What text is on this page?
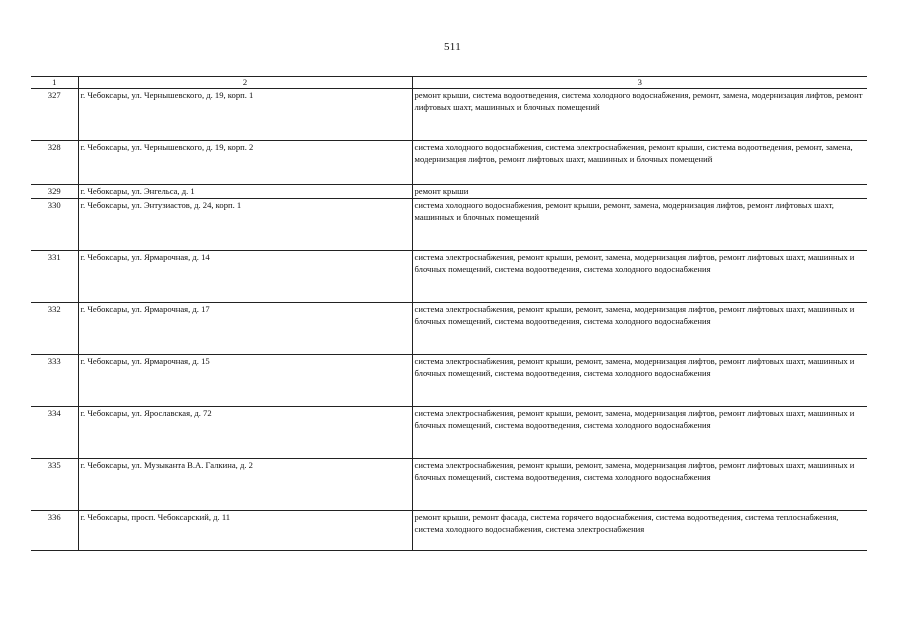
511
1	2	3
327	г. Чебоксары, ул. Чернышевского, д. 19, корп. 1	ремонт крыши, система водоотведения, система холодного водоснабжения, ремонт, замена, модернизация лифтов, ремонт лифтовых шахт, машинных и блочных помещений
328	г. Чебоксары, ул. Чернышевского, д. 19, корп. 2	система холодного водоснабжения, система электроснабжения, ремонт крыши, система водоотведения, ремонт, замена, модернизация лифтов, ремонт лифтовых шахт, машинных и блочных помещений
329	г. Чебоксары, ул. Энгельса, д. 1	ремонт крыши
330	г. Чебоксары, ул. Энтузиастов, д. 24, корп. 1	система холодного водоснабжения, ремонт крыши, ремонт, замена, модернизация лифтов, ремонт лифтовых шахт, машинных и блочных помещений
331	г. Чебоксары, ул. Ярмарочная, д. 14	система электроснабжения, ремонт крыши, ремонт, замена, модернизация лифтов, ремонт лифтовых шахт, машинных и блочных помещений, система водоотведения, система холодного водоснабжения
332	г. Чебоксары, ул. Ярмарочная, д. 17	система электроснабжения, ремонт крыши, ремонт, замена, модернизация лифтов, ремонт лифтовых шахт, машинных и блочных помещений, система водоотведения, система холодного водоснабжения
333	г. Чебоксары, ул. Ярмарочная, д. 15	система электроснабжения, ремонт крыши, ремонт, замена, модернизация лифтов, ремонт лифтовых шахт, машинных и блочных помещений, система водоотведения, система холодного водоснабжения
334	г. Чебоксары, ул. Ярославская, д. 72	система электроснабжения, ремонт крыши, ремонт, замена, модернизация лифтов, ремонт лифтовых шахт, машинных и блочных помещений, система водоотведения, система холодного водоснабжения
335	г. Чебоксары, ул. Музыканта В.А. Галкина, д. 2	система электроснабжения, ремонт крыши, ремонт, замена, модернизация лифтов, ремонт лифтовых шахт, машинных и блочных помещений, система водоотведения, система холодного водоснабжения
336	г. Чебоксары, просп. Чебоксарский, д. 11	ремонт крыши, ремонт фасада, система горячего водоснабжения, система водоотведения, система теплоснабжения, система холодного водоснабжения, система электроснабжения
